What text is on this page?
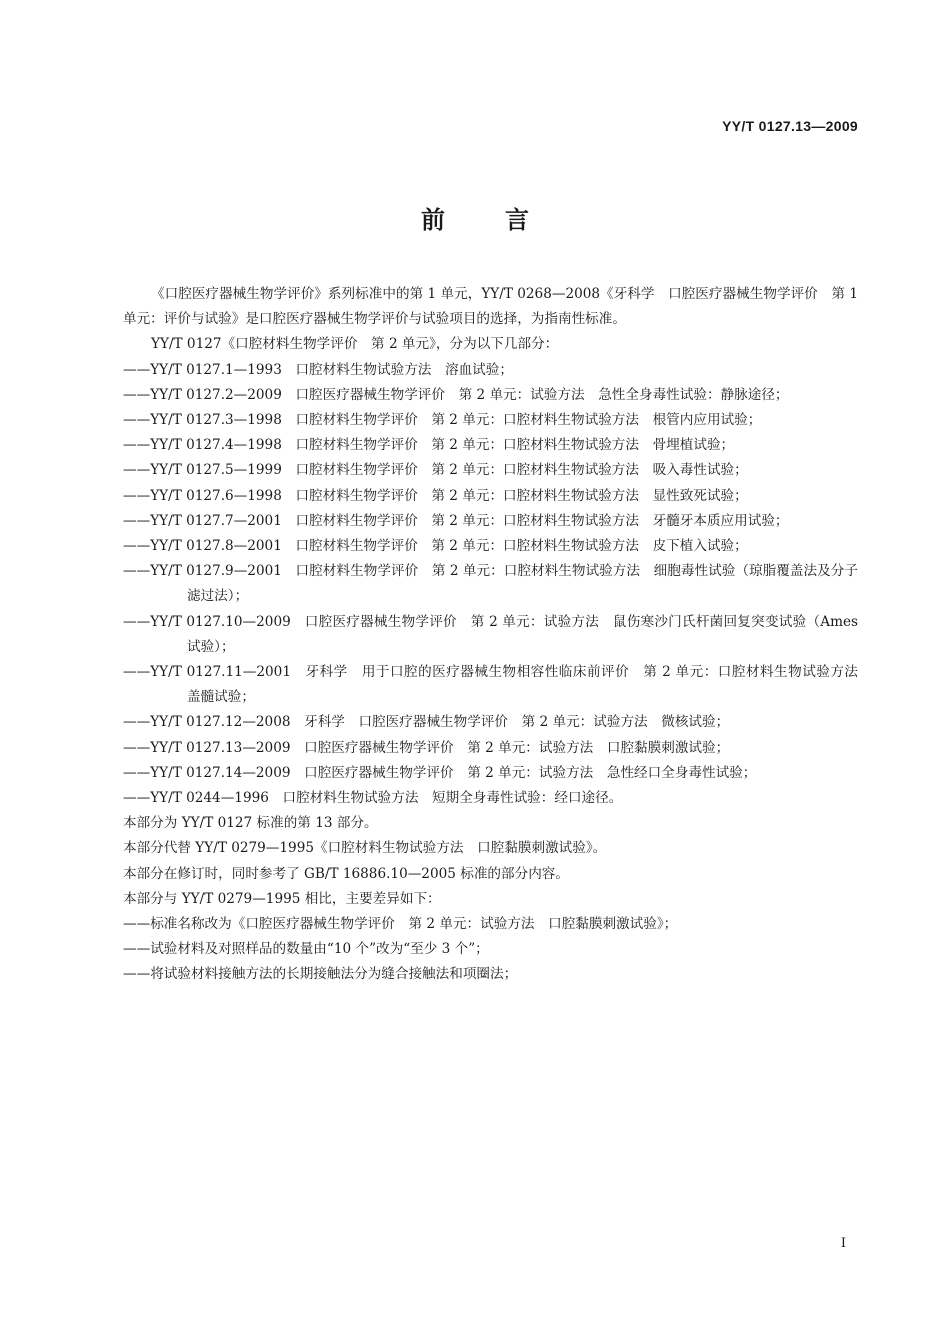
YY/T 0127.13—2009
前言

《口腔医疗器械生物学评价》系列标准中的第 1 单元，YY/T 0268—2008《牙科学　口腔医疗器械生物学评价　第 1 单元：评价与试验》是口腔医疗器械生物学评价与试验项目的选择，为指南性标准。

YY/T 0127《口腔材料生物学评价　第 2 单元》，分为以下几部分：

——YY/T 0127.1—1993　口腔材料生物试验方法　溶血试验；

——YY/T 0127.2—2009　口腔医疗器械生物学评价　第 2 单元：试验方法　急性全身毒性试验：静脉途径；

——YY/T 0127.3—1998　口腔材料生物学评价　第 2 单元：口腔材料生物试验方法　根管内应用试验；

——YY/T 0127.4—1998　口腔材料生物学评价　第 2 单元：口腔材料生物试验方法　骨埋植试验；

——YY/T 0127.5—1999　口腔材料生物学评价　第 2 单元：口腔材料生物试验方法　吸入毒性试验；

——YY/T 0127.6—1998　口腔材料生物学评价　第 2 单元：口腔材料生物试验方法　显性致死试验；

——YY/T 0127.7—2001　口腔材料生物学评价　第 2 单元：口腔材料生物试验方法　牙髓牙本质应用试验；

——YY/T 0127.8—2001　口腔材料生物学评价　第 2 单元：口腔材料生物试验方法　皮下植入试验；

——YY/T 0127.9—2001　口腔材料生物学评价　第 2 单元：口腔材料生物试验方法　细胞毒性试验（琼脂覆盖法及分子滤过法）；

——YY/T 0127.10—2009　口腔医疗器械生物学评价　第 2 单元：试验方法　鼠伤寒沙门氏杆菌回复突变试验（Ames 试验）；

——YY/T 0127.11—2001　牙科学　用于口腔的医疗器械生物相容性临床前评价　第 2 单元：口腔材料生物试验方法　盖髓试验；

——YY/T 0127.12—2008　牙科学　口腔医疗器械生物学评价　第 2 单元：试验方法　微核试验；

——YY/T 0127.13—2009　口腔医疗器械生物学评价　第 2 单元：试验方法　口腔黏膜刺激试验；

——YY/T 0127.14—2009　口腔医疗器械生物学评价　第 2 单元：试验方法　急性经口全身毒性试验；

——YY/T 0244—1996　口腔材料生物试验方法　短期全身毒性试验：经口途径。

本部分为 YY/T 0127 标准的第 13 部分。

本部分代替 YY/T 0279—1995《口腔材料生物试验方法　口腔黏膜刺激试验》。

本部分在修订时，同时参考了 GB/T 16886.10—2005 标准的部分内容。

本部分与 YY/T 0279—1995 相比，主要差异如下：

——标准名称改为《口腔医疗器械生物学评价　第 2 单元：试验方法　口腔黏膜刺激试验》；

——试验材料及对照样品的数量由“10 个”改为“至少 3 个”；

——将试验材料接触方法的长期接触法分为缝合接触法和项圈法；

I
